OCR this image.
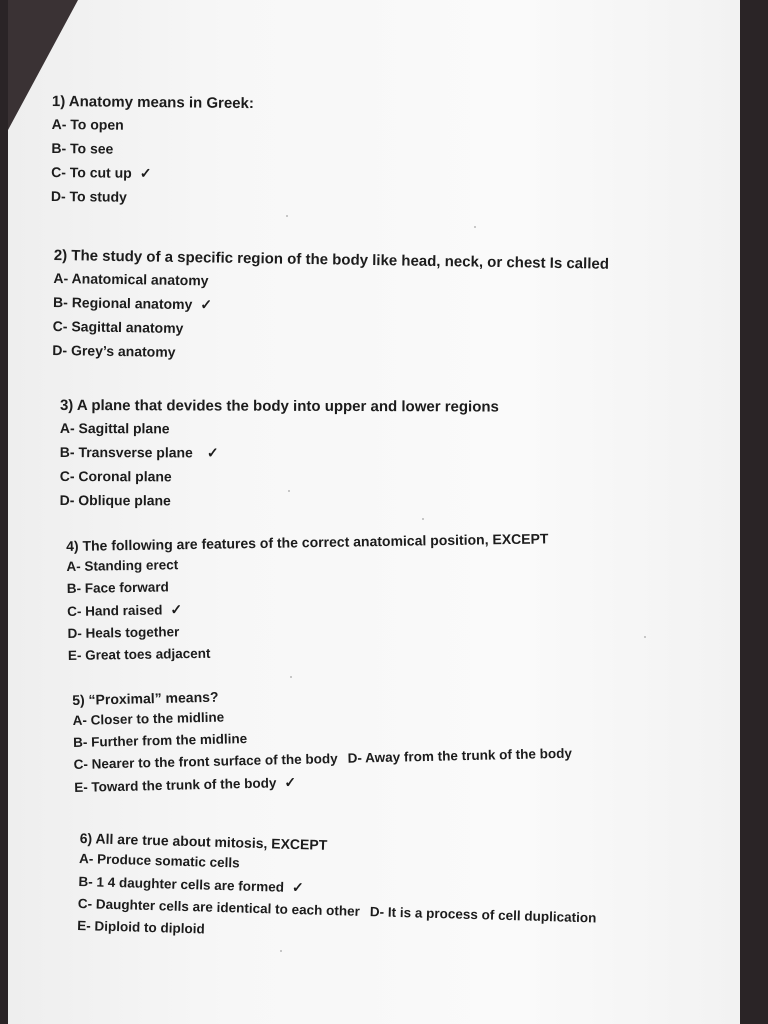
1) Anatomy means in Greek:
A- To open
B- To see
C- To cut up ✓
D- To study
2) The study of a specific region of the body like head, neck, or chest Is called
A- Anatomical anatomy
B- Regional anatomy ✓
C- Sagittal anatomy
D- Grey’s anatomy
3) A plane that devides the body into upper and lower regions
A- Sagittal plane
B- Transverse plane ✓
C- Coronal plane
D- Oblique plane
4) The following are features of the correct anatomical position, EXCEPT
A- Standing erect
B- Face forward
C- Hand raised ✓
D- Heals together
E- Great toes adjacent
5) “Proximal” means?
A- Closer to the midline
B- Further from the midline
C- Nearer to the front surface of the body D- Away from the trunk of the body
E- Toward the trunk of the body ✓
6) All are true about mitosis, EXCEPT
A- Produce somatic cells
B- 1 4 daughter cells are formed ✓
C- Daughter cells are identical to each other D- It is a process of cell duplication
E- Diploid to diploid
